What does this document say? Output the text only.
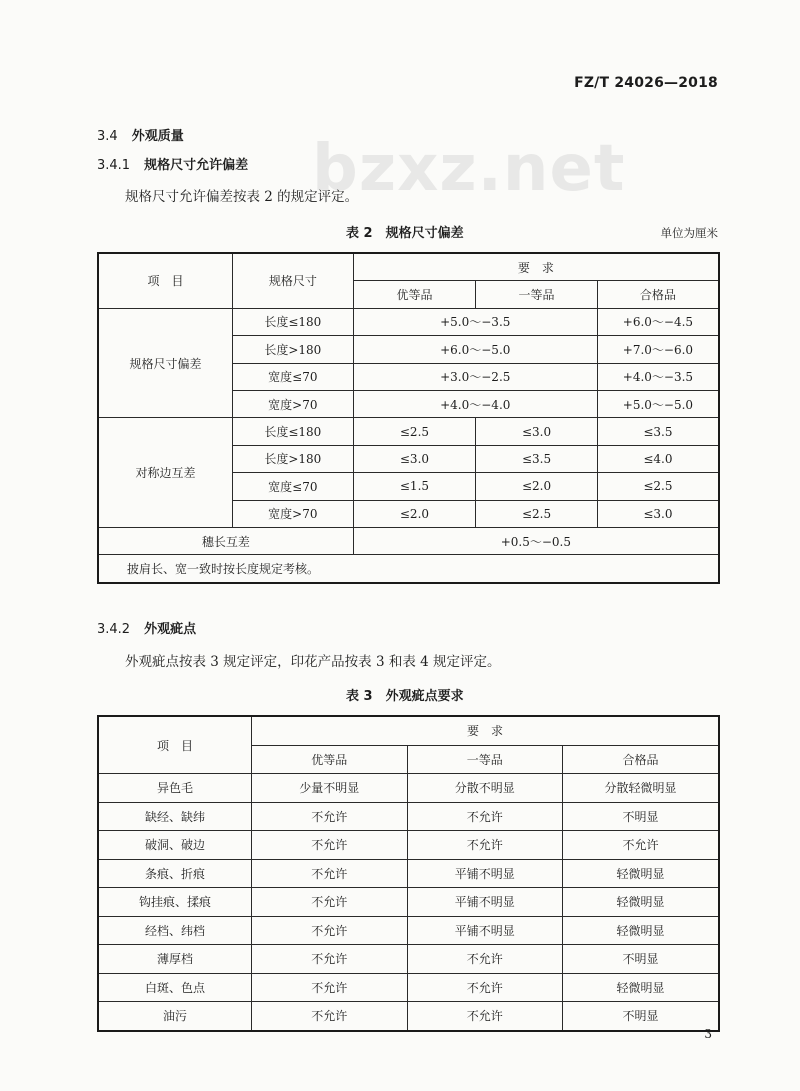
FZ/T 24026—2018
bzxz.net
3.4 外观质量
3.4.1 规格尺寸允许偏差
规格尺寸允许偏差按表 2 的规定评定。
表 2　规格尺寸偏差	单位为厘米
项　目	规格尺寸	要　求		
		优等品	一等品	合格品
规格尺寸偏差	长度≤180	+5.0～−3.5		+6.0～−4.5
	长度>180	+6.0～−5.0		+7.0～−6.0
	宽度≤70	+3.0～−2.5		+4.0～−3.5
	宽度>70	+4.0～−4.0		+5.0～−5.0
对称边互差	长度≤180	≤2.5	≤3.0	≤3.5
	长度>180	≤3.0	≤3.5	≤4.0
	宽度≤70	≤1.5	≤2.0	≤2.5
	宽度>70	≤2.0	≤2.5	≤3.0
穗长互差		+0.5～−0.5		
披肩长、宽一致时按长度规定考核。				
3.4.2 外观疵点
外观疵点按表 3 规定评定，印花产品按表 3 和表 4 规定评定。
表 3　外观疵点要求
项　目	要　求		
	优等品	一等品	合格品
异色毛	少量不明显	分散不明显	分散轻微明显
缺经、缺纬	不允许	不允许	不明显
破洞、破边	不允许	不允许	不允许
条痕、折痕	不允许	平铺不明显	轻微明显
钩挂痕、揉痕	不允许	平铺不明显	轻微明显
经档、纬档	不允许	平铺不明显	轻微明显
薄厚档	不允许	不允许	不明显
白斑、色点	不允许	不允许	轻微明显
油污	不允许	不允许	不明显
3
